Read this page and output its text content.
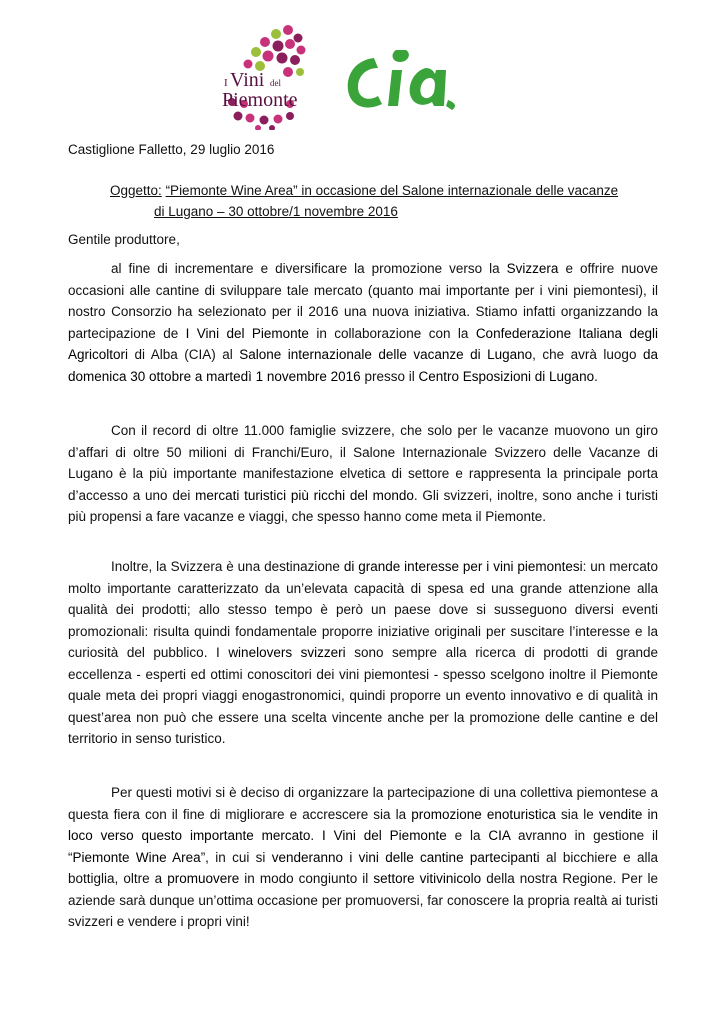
I Vini del
Piemonte
Castiglione Falletto, 29 luglio 2016
Oggetto: “Piemonte Wine Area” in occasione del Salone internazionale delle vacanze
di Lugano – 30 ottobre/1 novembre 2016
Gentile produttore,

al fine di incrementare e diversificare la promozione verso la Svizzera e offrire nuove occasioni alle cantine di sviluppare tale mercato (quanto mai importante per i vini piemontesi), il nostro Consorzio ha selezionato per il 2016 una nuova iniziativa. Stiamo infatti organizzando la partecipazione de I Vini del Piemonte in collaborazione con la Confederazione Italiana degli Agricoltori di Alba (CIA) al Salone internazionale delle vacanze di Lugano, che avrà luogo da domenica 30 ottobre a martedì 1 novembre 2016 presso il Centro Esposizioni di Lugano.

Con il record di oltre 11.000 famiglie svizzere, che solo per le vacanze muovono un giro d’affari di oltre 50 milioni di Franchi/Euro, il Salone Internazionale Svizzero delle Vacanze di Lugano è la più importante manifestazione elvetica di settore e rappresenta la principale porta d’accesso a uno dei mercati turistici più ricchi del mondo. Gli svizzeri, inoltre, sono anche i turisti più propensi a fare vacanze e viaggi, che spesso hanno come meta il Piemonte.

Inoltre, la Svizzera è una destinazione di grande interesse per i vini piemontesi: un mercato molto importante caratterizzato da un’elevata capacità di spesa ed una grande attenzione alla qualità dei prodotti; allo stesso tempo è però un paese dove si susseguono diversi eventi promozionali: risulta quindi fondamentale proporre iniziative originali per suscitare l’interesse e la curiosità del pubblico. I winelovers svizzeri sono sempre alla ricerca di prodotti di grande eccellenza - esperti ed ottimi conoscitori dei vini piemontesi - spesso scelgono inoltre il Piemonte quale meta dei propri viaggi enogastronomici, quindi proporre un evento innovativo e di qualità in quest’area non può che essere una scelta vincente anche per la promozione delle cantine e del territorio in senso turistico.

Per questi motivi si è deciso di organizzare la partecipazione di una collettiva piemontese a questa fiera con il fine di migliorare e accrescere sia la promozione enoturistica sia le vendite in loco verso questo importante mercato. I Vini del Piemonte e la CIA avranno in gestione il “Piemonte Wine Area”, in cui si venderanno i vini delle cantine partecipanti al bicchiere e alla bottiglia, oltre a promuovere in modo congiunto il settore vitivinicolo della nostra Regione. Per le aziende sarà dunque un’ottima occasione per promuoversi, far conoscere la propria realtà ai turisti svizzeri e vendere i propri vini!
